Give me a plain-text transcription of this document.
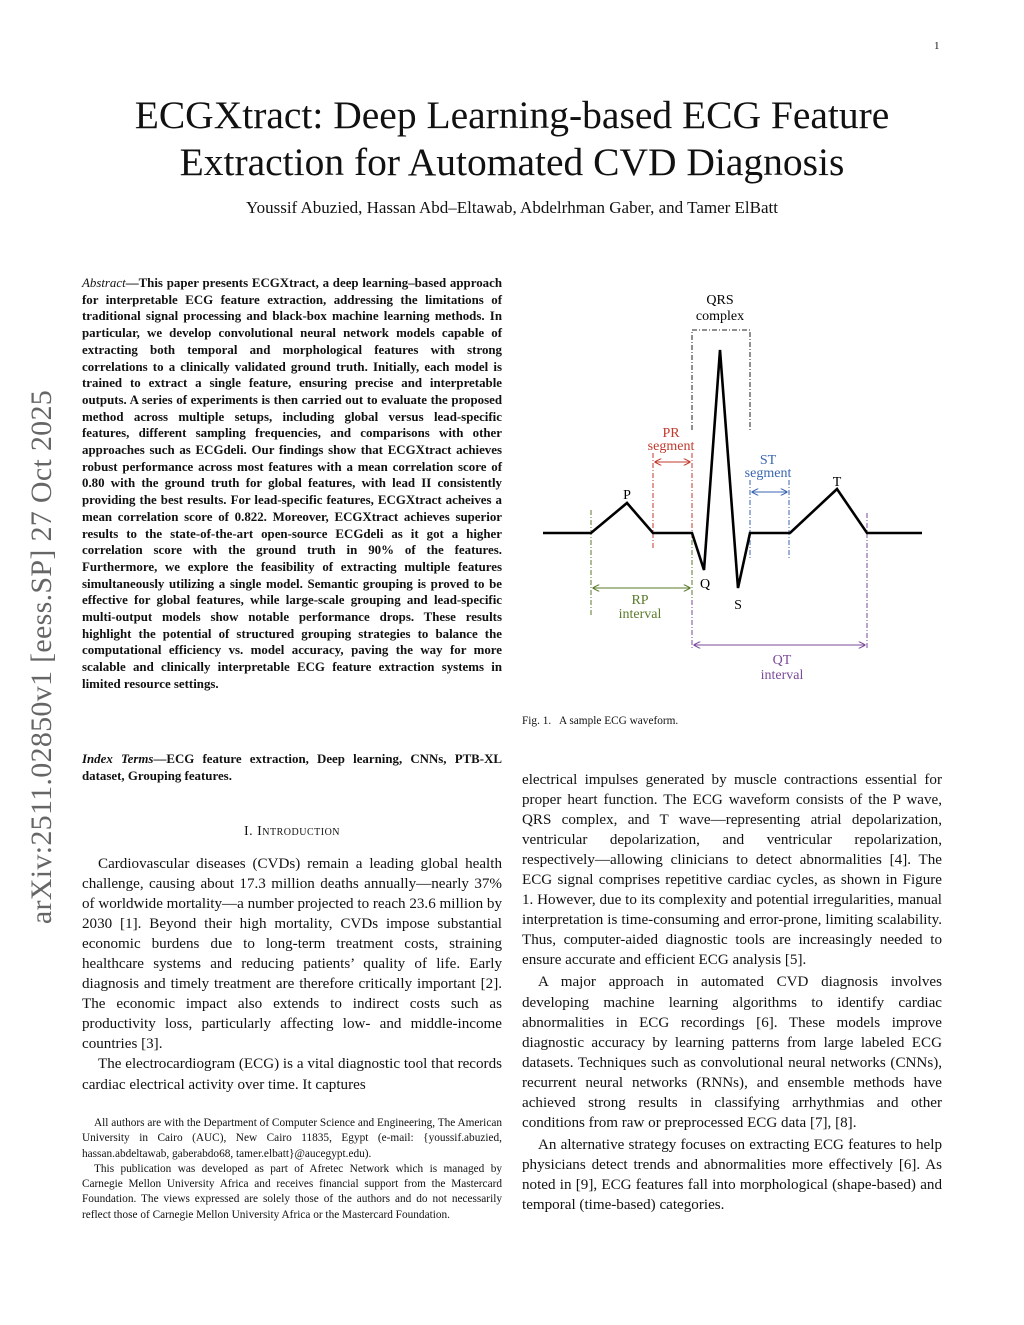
1
ECGXtract: Deep Learning-based ECG Feature
Extraction for Automated CVD Diagnosis
Youssif Abuzied, Hassan Abd–Eltawab, Abdelrhman Gaber, and Tamer ElBatt
arXiv:2511.02850v1 [eess.SP] 27 Oct 2025
Abstract—This paper presents ECGXtract, a deep learning–based approach for interpretable ECG feature extraction, addressing the limitations of traditional signal processing and black-box machine learning methods. In particular, we develop convolutional neural network models capable of extracting both temporal and morphological features with strong correlations to a clinically validated ground truth. Initially, each model is trained to extract a single feature, ensuring precise and interpretable outputs. A series of experiments is then carried out to evaluate the proposed method across multiple setups, including global versus lead-specific features, different sampling frequencies, and comparisons with other approaches such as ECGdeli. Our findings show that ECGXtract achieves robust performance across most features with a mean correlation score of 0.80 with the ground truth for global features, with lead II consistently providing the best results. For lead-specific features, ECGXtract acheives a mean correlation score of 0.822. Moreover, ECGXtract achieves superior results to the state-of-the-art open-source ECGdeli as it got a higher correlation score with the ground truth in 90% of the features. Furthermore, we explore the feasibility of extracting multiple features simultaneously utilizing a single model. Semantic grouping is proved to be effective for global features, while large-scale grouping and lead-specific multi-output models show notable performance drops. These results highlight the potential of structured grouping strategies to balance the computational efficiency vs. model accuracy, paving the way for more scalable and clinically interpretable ECG feature extraction systems in limited resource settings.
Index Terms—ECG feature extraction, Deep learning, CNNs, PTB-XL dataset, Grouping features.
I. Introduction

Cardiovascular diseases (CVDs) remain a leading global health challenge, causing about 17.3 million deaths annually—nearly 37% of worldwide mortality—a number projected to reach 23.6 million by 2030 [1]. Beyond their high mortality, CVDs impose substantial economic burdens due to long-term treatment costs, straining healthcare systems and reducing patients’ quality of life. Early diagnosis and timely treatment are therefore critically important [2]. The economic impact also extends to indirect costs such as productivity loss, particularly affecting low- and middle-income countries [3].

The electrocardiogram (ECG) is a vital diagnostic tool that records cardiac electrical activity over time. It captures

All authors are with the Department of Computer Science and Engineering, The American University in Cairo (AUC), New Cairo 11835, Egypt (e-mail: {youssif.abuzied, hassan.abdeltawab, gaberabdo68, tamer.elbatt}@aucegypt.edu).

This publication was developed as part of Afretec Network which is managed by Carnegie Mellon University Africa and receives financial support from the Mastercard Foundation. The views expressed are solely those of the authors and do not necessarily reflect those of Carnegie Mellon University Africa or the Mastercard Foundation.

QRS
complex
PR
segment
ST
segment
P
T
Q
S
RP
interval
QT
interval
Fig. 1.   A sample ECG waveform.

electrical impulses generated by muscle contractions essential for proper heart function. The ECG waveform consists of the P wave, QRS complex, and T wave—representing atrial depolarization, ventricular depolarization, and ventricular repolarization, respectively—allowing clinicians to detect abnormalities [4]. The ECG signal comprises repetitive cardiac cycles, as shown in Figure 1. However, due to its complexity and potential irregularities, manual interpretation is time-consuming and error-prone, limiting scalability. Thus, computer-aided diagnostic tools are increasingly needed to ensure accurate and efficient ECG analysis [5].

A major approach in automated CVD diagnosis involves developing machine learning algorithms to identify cardiac abnormalities in ECG recordings [6]. These models improve diagnostic accuracy by learning patterns from large labeled ECG datasets. Techniques such as convolutional neural networks (CNNs), recurrent neural networks (RNNs), and ensemble methods have achieved strong results in classifying arrhythmias and other conditions from raw or preprocessed ECG data [7], [8].

An alternative strategy focuses on extracting ECG features to help physicians detect trends and abnormalities more effectively [6]. As noted in [9], ECG features fall into morphological (shape-based) and temporal (time-based) categories.
